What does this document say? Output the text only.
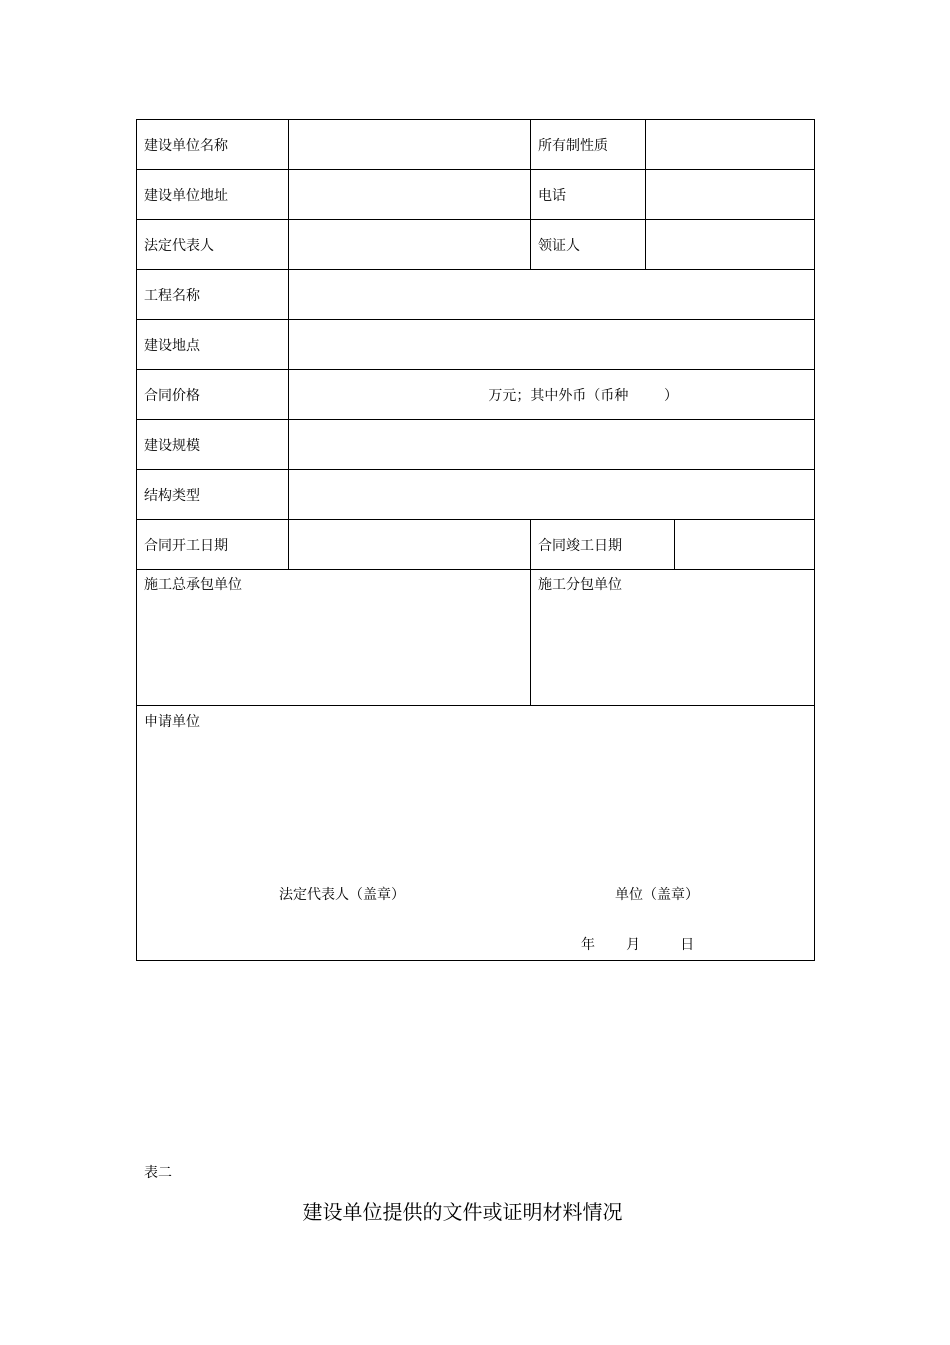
建设单位名称		所有制性质		
建设单位地址		电话		
法定代表人		领证人		
工程名称				
建设地点				
合同价格	万元；其中外币（币种        ）			
建设规模				
结构类型				
合同开工日期		合同竣工日期		
施工总承包单位		施工分包单位		
申请单位
法定代表人（盖章） 单位（盖章）
年       月         日				
表二
建设单位提供的文件或证明材料情况
